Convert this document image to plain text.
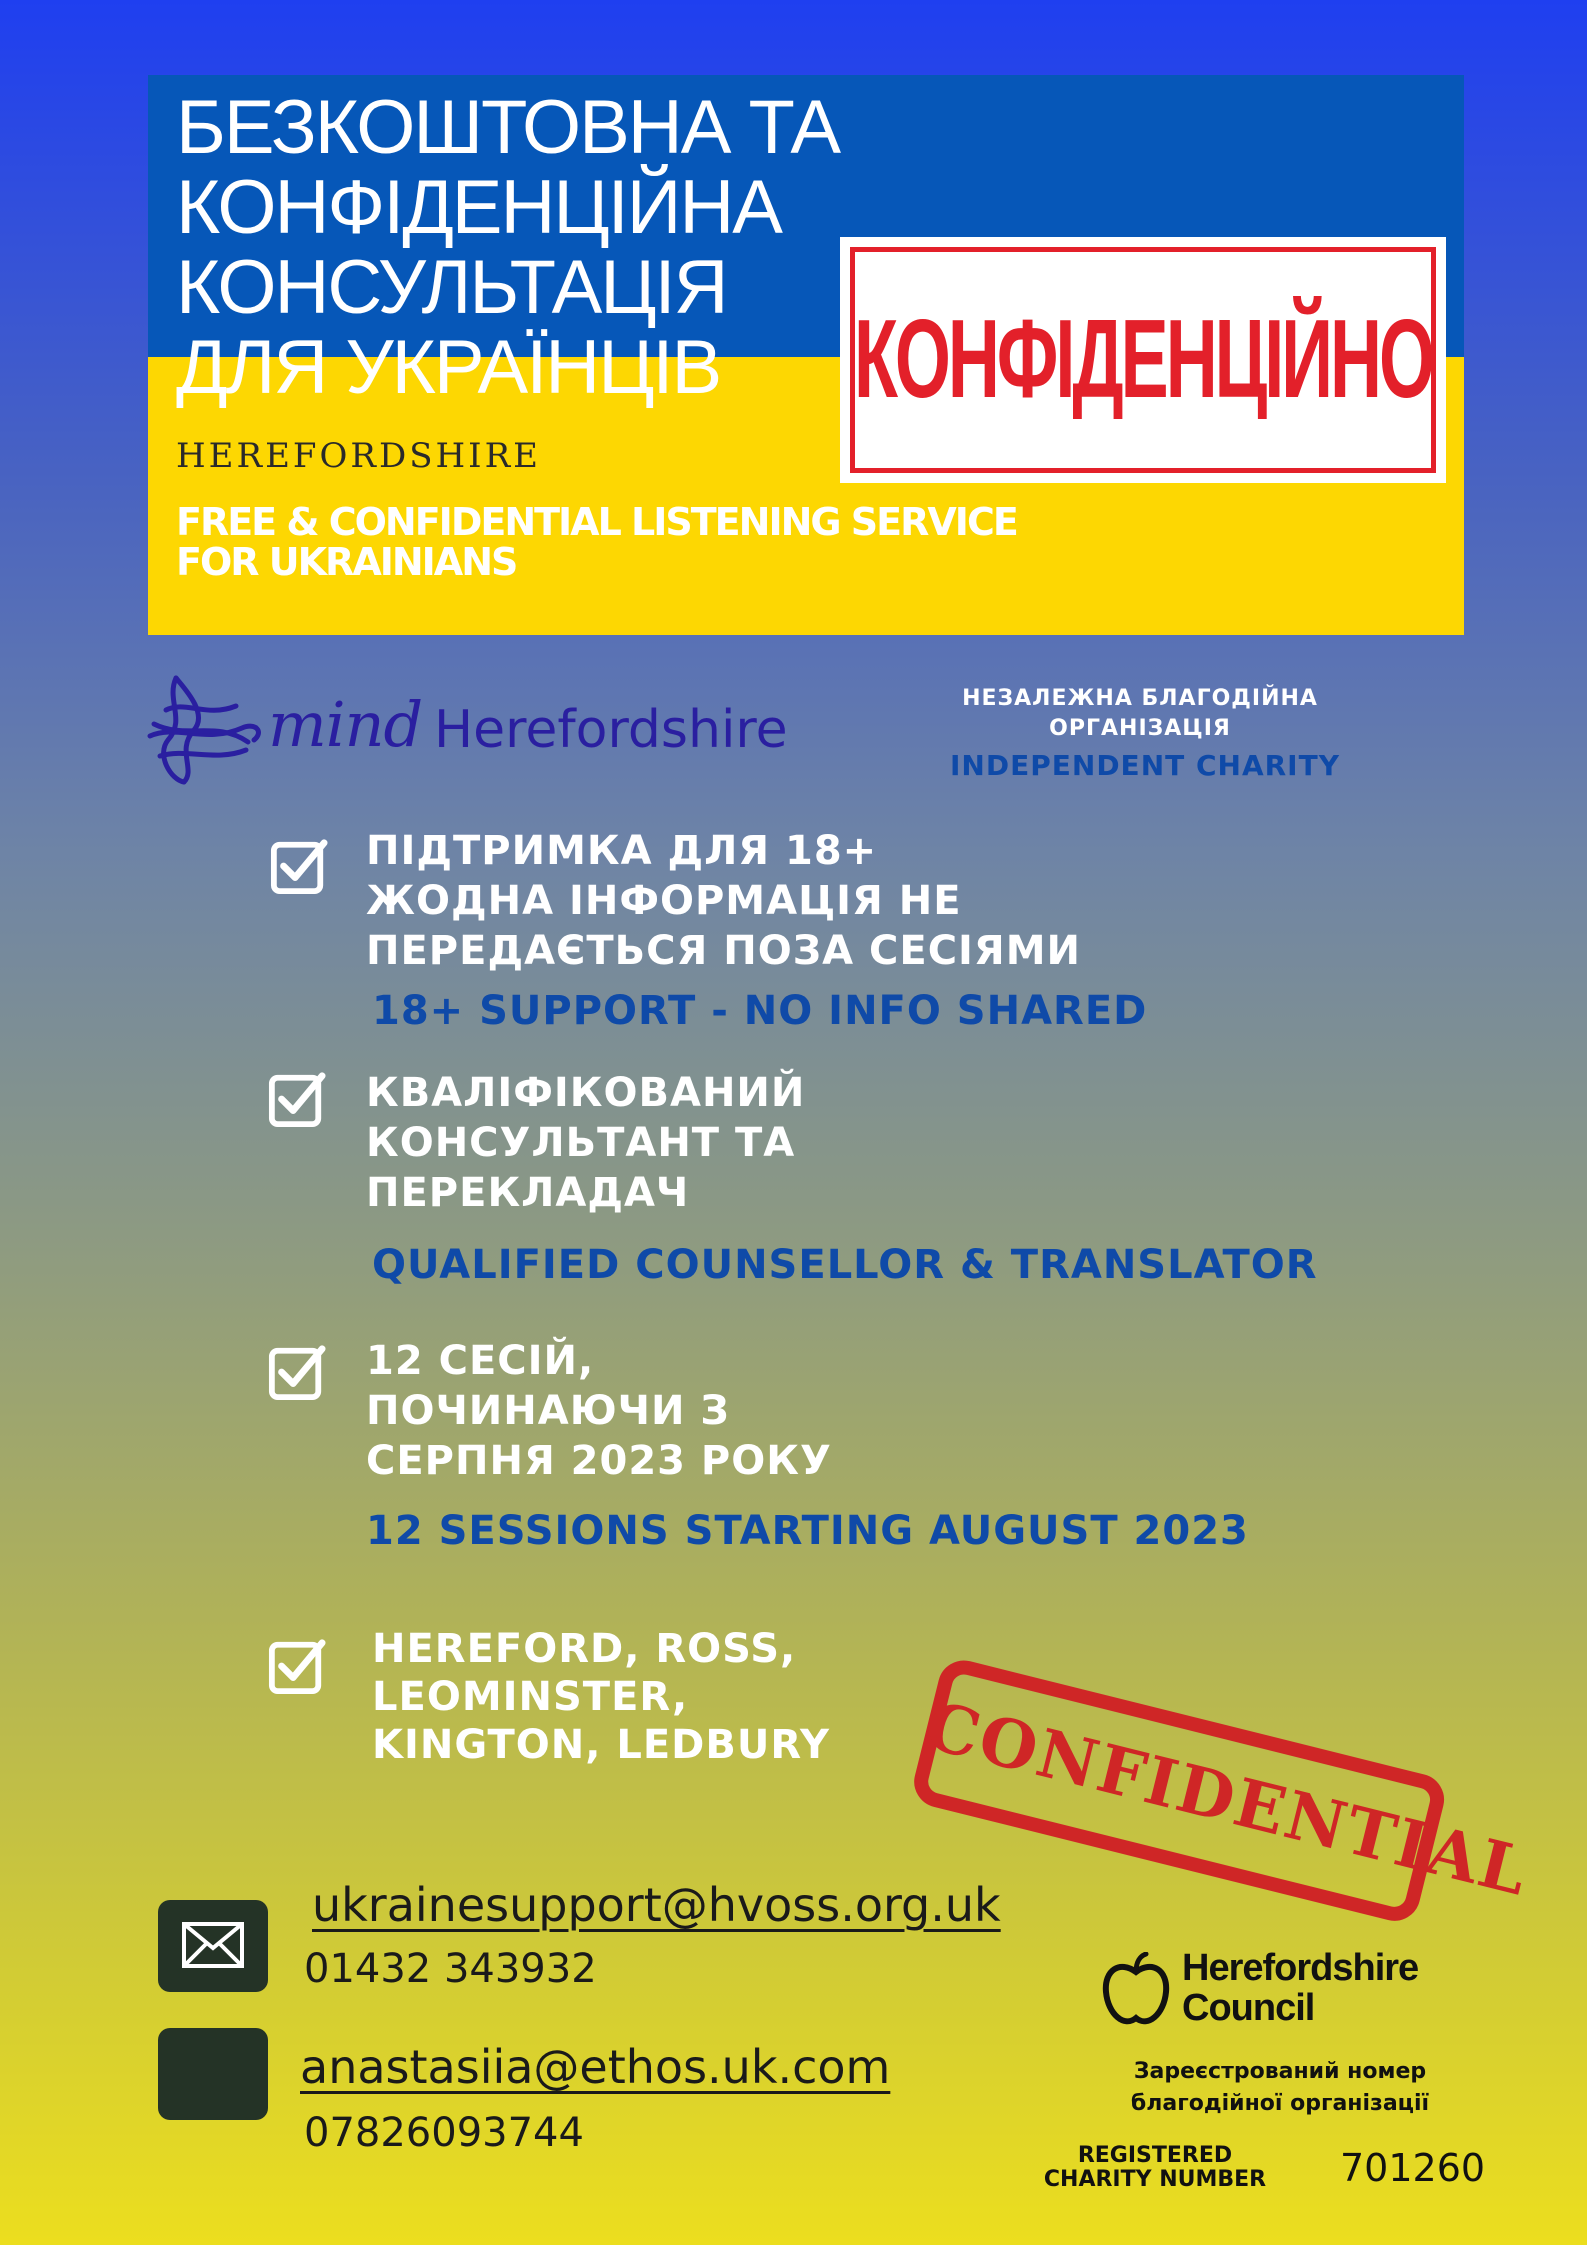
БЕЗКОШТОВНА ТА
КОНФІДЕНЦІЙНА
КОНСУЛЬТАЦІЯ
ДЛЯ УКРАЇНЦІВ
HEREFORDSHIRE
FREE & CONFIDENTIAL LISTENING SERVICE
FOR UKRAINIANS
КОНФІДЕНЦІЙНО
mind Herefordshire
НЕЗАЛЕЖНА БЛАГОДІЙНА
ОРГАНІЗАЦІЯ
INDEPENDENT CHARITY
ПІДТРИМКА ДЛЯ 18+
ЖОДНА ІНФОРМАЦІЯ НЕ
ПЕРЕДАЄТЬСЯ ПОЗА СЕСІЯМИ
18+ SUPPORT - NO INFO SHARED
КВАЛІФІКОВАНИЙ
КОНСУЛЬТАНТ ТА
ПЕРЕКЛАДАЧ
QUALIFIED COUNSELLOR & TRANSLATOR
12 СЕСІЙ,
ПОЧИНАЮЧИ З
СЕРПНЯ 2023 РОКУ
12 SESSIONS STARTING AUGUST 2023
HEREFORD, ROSS,
LEOMINSTER,
KINGTON, LEDBURY CONFIDENTIAL
ukrainesupport@hvoss.org.uk
01432 343932
anastasiia@ethos.uk.com
07826093744
Herefordshire
Council
Зареєстрований номер
благодійної організації
REGISTERED
CHARITY NUMBER	701260
